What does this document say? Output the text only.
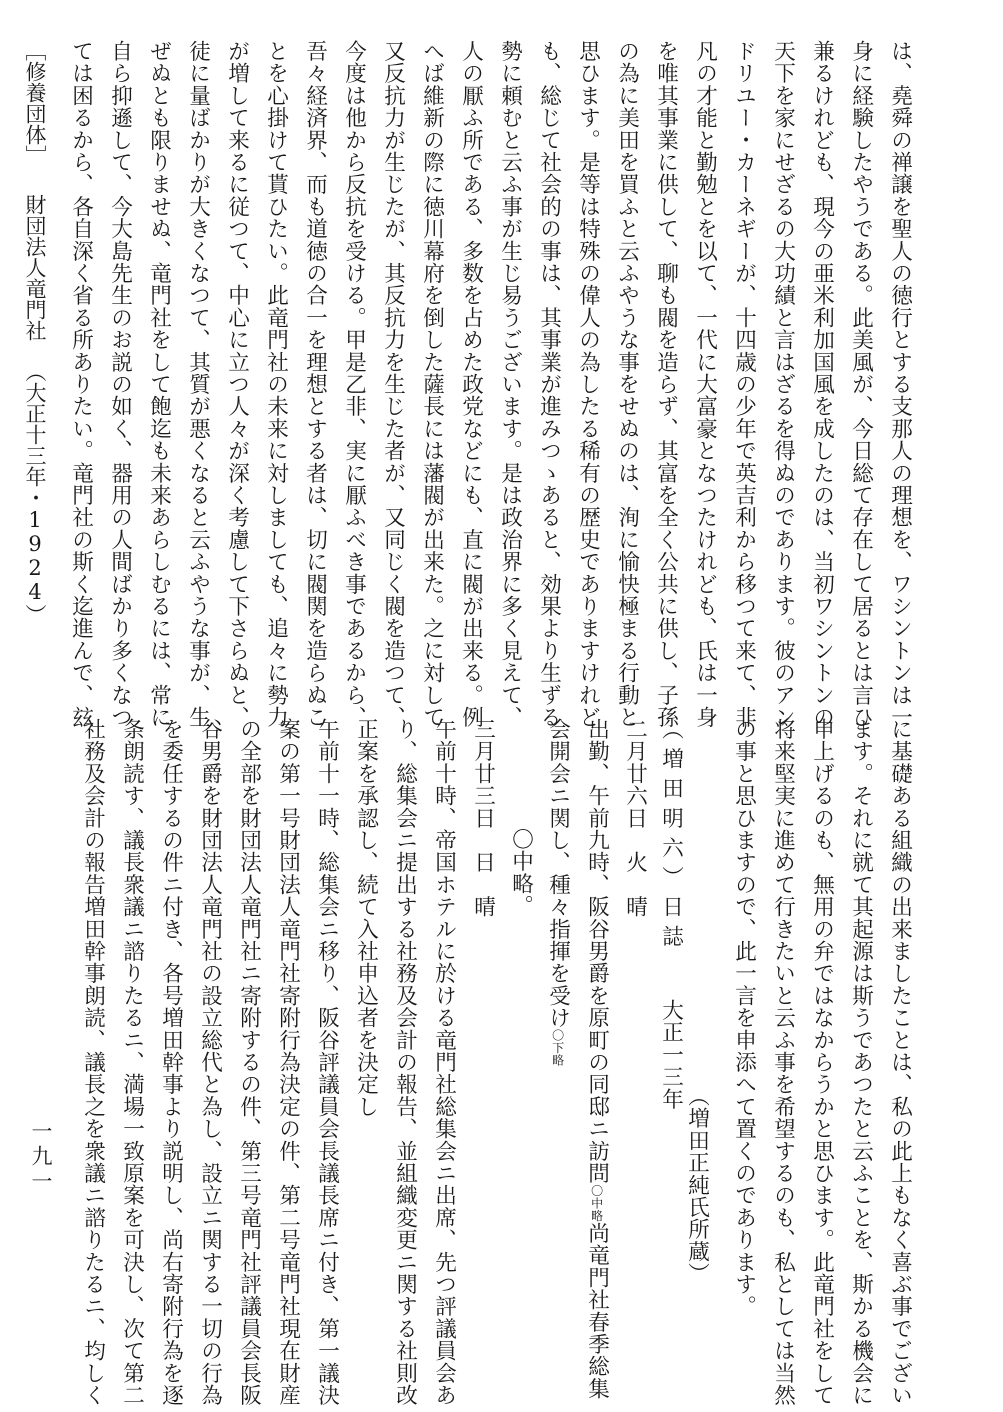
は、堯舜の禅譲を聖人の徳行とする支那人の理想を、ワシントンは一
身に経験したやうである。此美風が、今日総て存在して居るとは言ひ
兼るけれども、現今の亜米利加国風を成したのは、当初ワシントンの
天下を家にせざるの大功績と言はざるを得ぬのであります。彼のアン
ドリユー・カーネギーが、十四歳の少年で英吉利から移つて来て、非
凡の才能と勤勉とを以て、一代に大富豪となつたけれども、氏は一身
を唯其事業に供して、聊も閥を造らず、其富を全く公共に供し、子孫
の為に美田を買ふと云ふやうな事をせぬのは、洵に愉快極まる行動と
思ひます。是等は特殊の偉人の為したる稀有の歴史でありますけれど
も、総じて社会的の事は、其事業が進みつゝあると、効果より生ずる
勢に頼むと云ふ事が生じ易うございます。是は政治界に多く見えて、
人の厭ふ所である、多数を占めた政党などにも、直に閥が出来る。例
へば維新の際に徳川幕府を倒した薩長には藩閥が出来た。之に対して
又反抗力が生じたが、其反抗力を生じた者が、又同じく閥を造つて、
今度は他から反抗を受ける。甲是乙非、実に厭ふべき事であるから、
吾々経済界、而も道徳の合一を理想とする者は、切に閥関を造らぬこ
とを心掛けて貰ひたい。此竜門社の未来に対しましても、追々に勢力
が増して来るに従つて、中心に立つ人々が深く考慮して下さらぬと、
徒に量ばかりが大きくなつて、其質が悪くなると云ふやうな事が、生
ぜぬとも限りませぬ、竜門社をして飽迄も未来あらしむるには、常に
自ら抑遜して、今大島先生のお説の如く、器用の人間ばかり多くなつ
ては困るから、各自深く省る所ありたい。竜門社の斯く迄進んで、玆
［修養団体］財団法人竜門社（大正十三年・1924）
に基礎ある組織の出来ましたことは、私の此上もなく喜ぶ事でござい
ます。それに就て其起源は斯うであつたと云ふことを、斯かる機会に
申上げるのも、無用の弁ではなからうかと思ひます。此竜門社をして
将来堅実に進めて行きたいと云ふ事を希望するのも、私としては当然
の事と思ひますので、此一言を申添へて置くのであります。
（増田正純氏所蔵）
（増田明六）日誌大正一三年
二月廿六日　火　晴
出勤、午前九時、阪谷男爵を原町の同邸ニ訪問〇中略尚竜門社春季総集
会開会ニ関し、種々指揮を受け〇下略
〇中略。
三月廿三日　日　晴
午前十時、帝国ホテルに於ける竜門社総集会ニ出席、先つ評議員会あ
り、総集会ニ提出する社務及会計の報告、並組織変更ニ関する社則改
正案を承認し、続て入社申込者を決定し
午前十一時、総集会ニ移り、阪谷評議員会長議長席ニ付き、第一議決
案の第一号財団法人竜門社寄附行為決定の件、第二号竜門社現在財産
の全部を財団法人竜門社ニ寄附するの件、第三号竜門社評議員会長阪
谷男爵を財団法人竜門社の設立総代と為し、設立ニ関する一切の行為
を委任するの件ニ付き、各号増田幹事より説明し、尚右寄附行為を逐
条朗読す、議長衆議ニ諮りたるニ、満場一致原案を可決し、次て第二
社務及会計の報告増田幹事朗読、議長之を衆議ニ諮りたるニ、均しく
一九一
